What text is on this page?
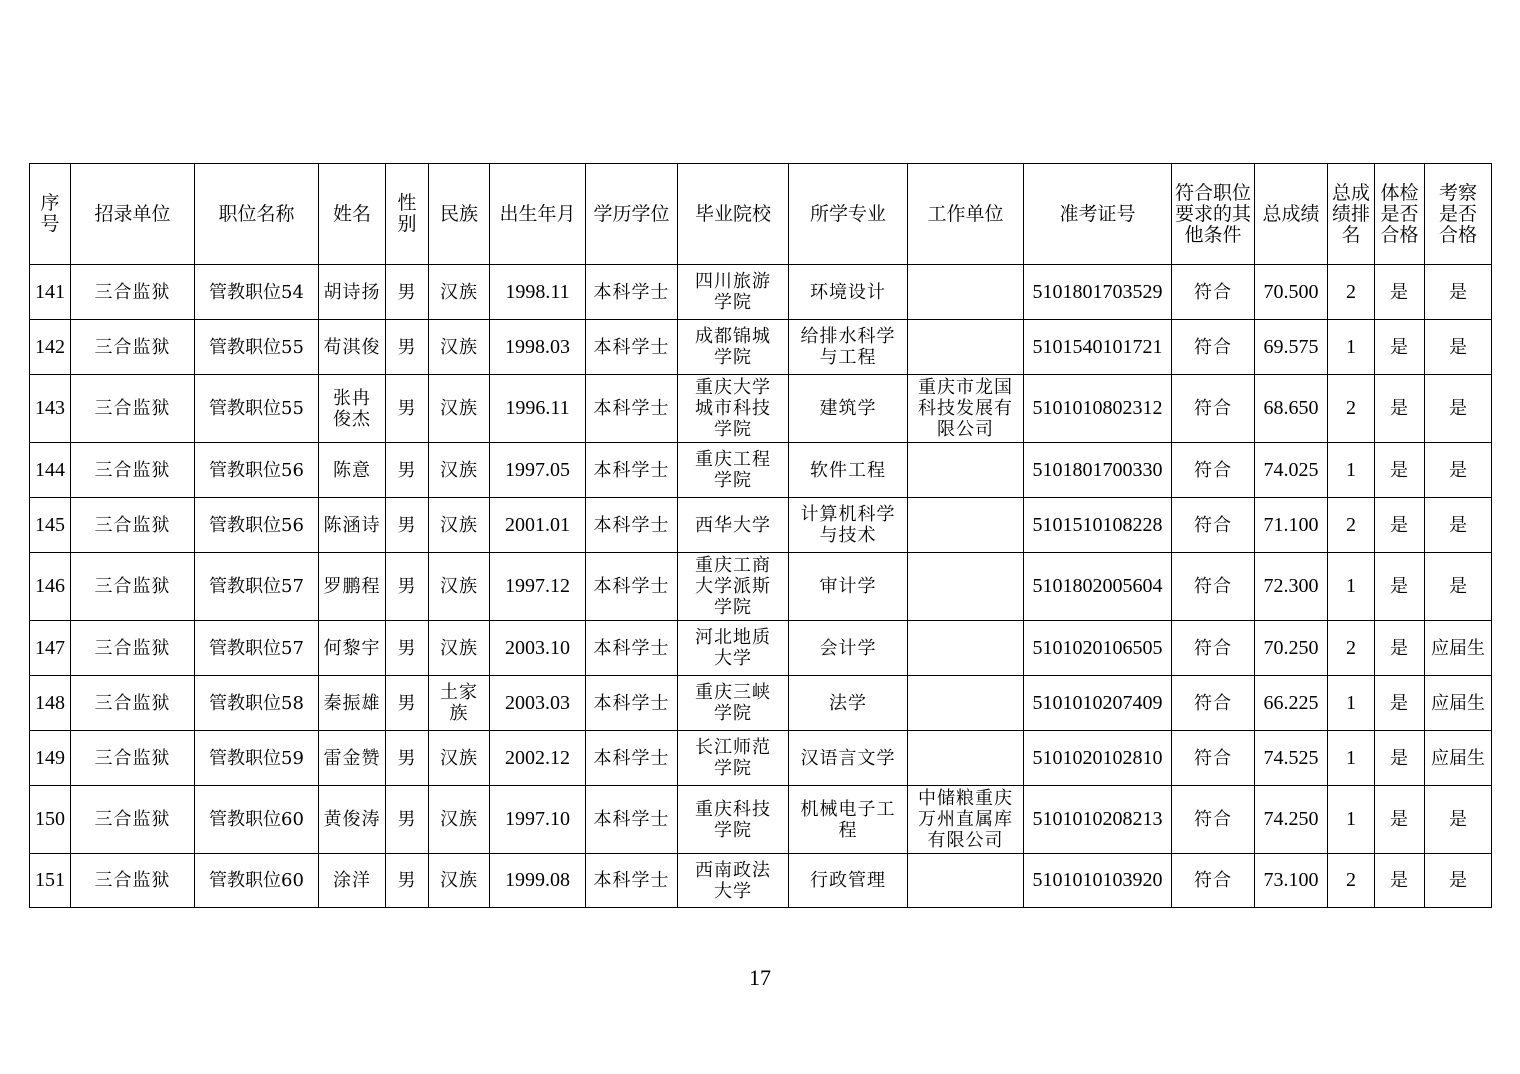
序号	招录单位	职位名称	姓名	性别	民族	出生年月	学历学位	毕业院校	所学专业	工作单位	准考证号	符合职位要求的其他条件	总成绩	总成绩排名	体检是否合格	考察是否合格

141	三合监狱	管教职位54	胡诗扬	男	汉族	1998.11	本科学士	四川旅游学院	环境设计		5101801703529	符合	70.500	2	是	是

142	三合监狱	管教职位55	苟淇俊	男	汉族	1998.03	本科学士	成都锦城学院	给排水科学与工程		5101540101721	符合	69.575	1	是	是

143	三合监狱	管教职位55	张冉俊杰	男	汉族	1996.11	本科学士	重庆大学城市科技学院	建筑学	重庆市龙国科技发展有限公司	5101010802312	符合	68.650	2	是	是

144	三合监狱	管教职位56	陈意	男	汉族	1997.05	本科学士	重庆工程学院	软件工程		5101801700330	符合	74.025	1	是	是

145	三合监狱	管教职位56	陈涵诗	男	汉族	2001.01	本科学士	西华大学	计算机科学与技术		5101510108228	符合	71.100	2	是	是

146	三合监狱	管教职位57	罗鹏程	男	汉族	1997.12	本科学士	重庆工商大学派斯学院	审计学		5101802005604	符合	72.300	1	是	是

147	三合监狱	管教职位57	何黎宇	男	汉族	2003.10	本科学士	河北地质大学	会计学		5101020106505	符合	70.250	2	是	应届生

148	三合监狱	管教职位58	秦振雄	男	土家族	2003.03	本科学士	重庆三峡学院	法学		5101010207409	符合	66.225	1	是	应届生

149	三合监狱	管教职位59	雷金赞	男	汉族	2002.12	本科学士	长江师范学院	汉语言文学		5101020102810	符合	74.525	1	是	应届生

150	三合监狱	管教职位60	黄俊涛	男	汉族	1997.10	本科学士	重庆科技学院	机械电子工程	中储粮重庆万州直属库有限公司	5101010208213	符合	74.250	1	是	是

151	三合监狱	管教职位60	涂洋	男	汉族	1999.08	本科学士	西南政法大学	行政管理		5101010103920	符合	73.100	2	是	是
17
